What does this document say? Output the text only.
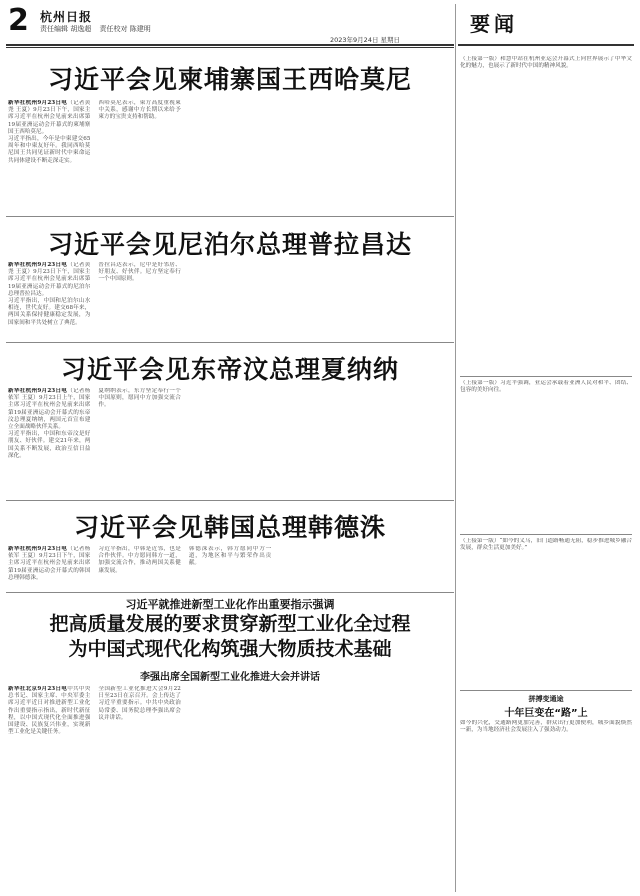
2 杭州日报
责任编辑 胡逸超 责任校对 陈建明
2023年9月24日 星期日
要闻
习近平会见柬埔寨国王西哈莫尼
新华社杭州9月23日电（记者黄尧 王夏）9月23日下午，国家主席习近平在杭州会见前来出席第19届亚洲运动会开幕式的柬埔寨国王西哈莫尼。
习近平指出，今年是中柬建交65周年和中柬友好年。我同西哈莫尼国王共同见证新时代中柬命运共同体建设不断走深走实。
西哈莫尼表示，柬方高度重视柬中关系，感谢中方长期以来给予柬方的宝贵支持和帮助。
习近平会见尼泊尔总理普拉昌达
新华社杭州9月23日电（记者黄尧 王夏）9月23日下午，国家主席习近平在杭州会见前来出席第19届亚洲运动会开幕式的尼泊尔总理普拉昌达。
习近平指出，中国和尼泊尔山水相连，世代友好。建交68年来，两国关系保持健康稳定发展，为国家间和平共处树立了典范。
普拉昌达表示，尼中是好邻居、好朋友、好伙伴。尼方坚定奉行一个中国原则。
习近平会见东帝汶总理夏纳纳
新华社杭州9月23日电（记者杨依军 王夏）9月23日上午，国家主席习近平在杭州会见前来出席第19届亚洲运动会开幕式的东帝汶总理夏纳纳，两国元首宣布建立全面战略伙伴关系。
习近平指出，中国和东帝汶是好朋友、好伙伴。建交21年来，两国关系不断发展，政治互信日益深化。
夏纳纳表示，东方坚定奉行一个中国原则，愿同中方加强交流合作。
习近平会见韩国总理韩德洙
新华社杭州9月23日电（记者杨依军 王夏）9月23日下午，国家主席习近平在杭州会见前来出席第19届亚洲运动会开幕式的韩国总理韩德洙。
习近平指出，中韩是近邻，也是合作伙伴。中方愿同韩方一道，加强交流合作，推动两国关系健康发展。
韩德洙表示，韩方愿同中方一道，为地区和平与繁荣作出贡献。
习近平就推进新型工业化作出重要指示强调
把高质量发展的要求贯穿新型工业化全过程
为中国式现代化构筑强大物质技术基础
李强出席全国新型工业化推进大会并讲话
新华社北京9月23日电中共中央总书记、国家主席、中央军委主席习近平近日对推进新型工业化作出重要指示指出，新时代新征程，以中国式现代化全面推进强国建设、民族复兴伟业，实现新型工业化是关键任务。
全国新型工业化推进大会9月22日至23日在京召开。会上传达了习近平重要指示。中共中央政治局常委、国务院总理李强出席会议并讲话。
（上接第一版）和慧中站在杭州亚运会开幕式上向世界展示了中华文化的魅力，也展示了新时代中国的精神风貌。
（上接第一版）习近平强调，亚运会承载着亚洲人民对和平、团结、包容的美好向往。
（上接第一版）“如今的义乌，旧门道路畅通无阻，稳步推进城乡融合发展，群众生活更加美好。”
拼搏变通途
十年巨变在“路”上
如今的兴化，交通路网更加完善，群众出行更加便利，城乡面貌焕然一新，为当地经济社会发展注入了强劲动力。
